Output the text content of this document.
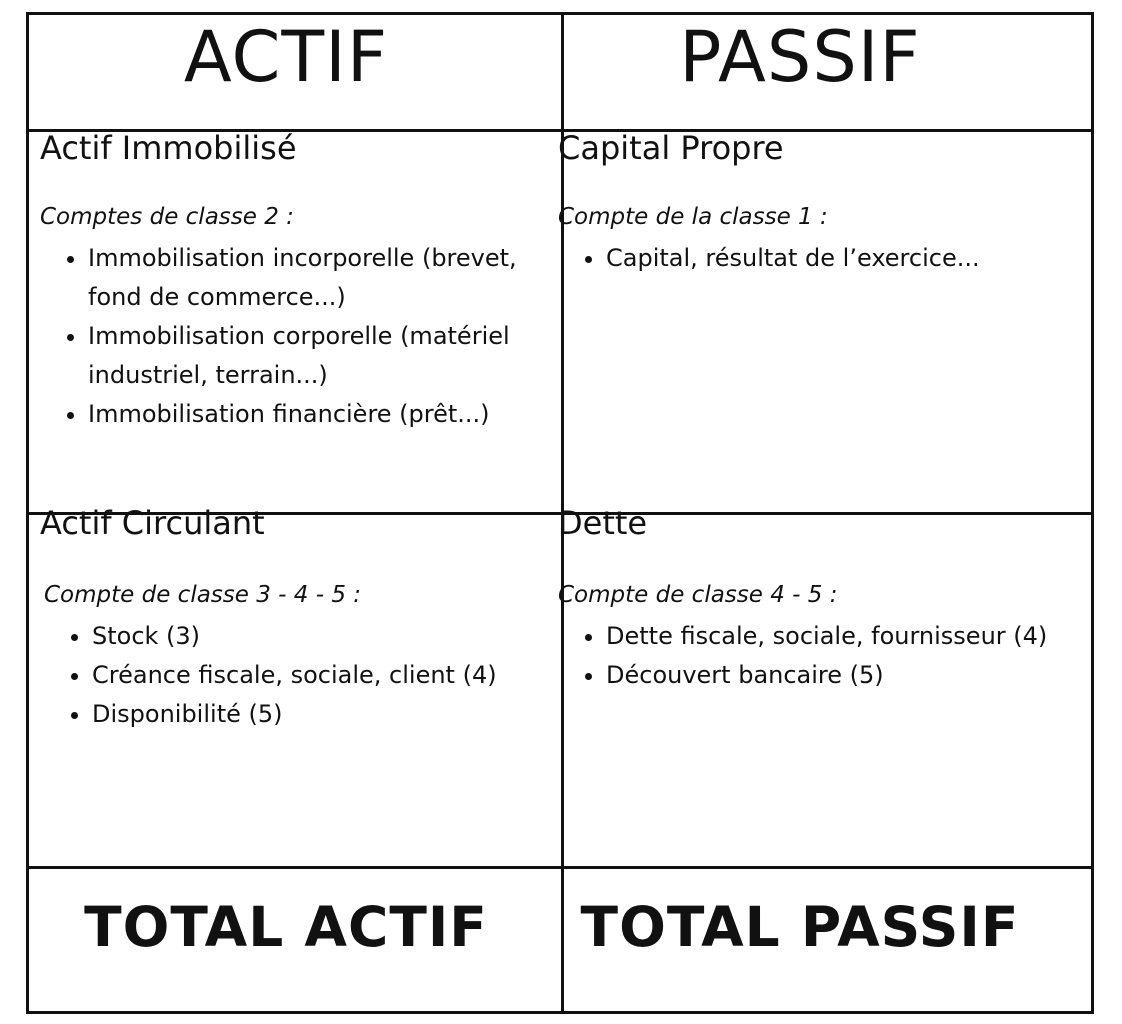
ACTIF	PASSIF
Actif Immobilisé

Comptes de classe 2 :

• Immobilisation incorporelle (brevet, fond de commerce...)
• Immobilisation corporelle (matériel industriel, terrain...)
• Immobilisation financière (prêt...)
Capital Propre

Compte de la classe 1 :

• Capital, résultat de l’exercice...
Actif Circulant

Compte de classe 3 - 4 - 5 :

• Stock (3)
• Créance fiscale, sociale, client (4)
• Disponibilité (5)
Dette

Compte de classe 4 - 5 :

• Dette fiscale, sociale, fournisseur (4)
• Découvert bancaire (5)
TOTAL ACTIF	TOTAL PASSIF
